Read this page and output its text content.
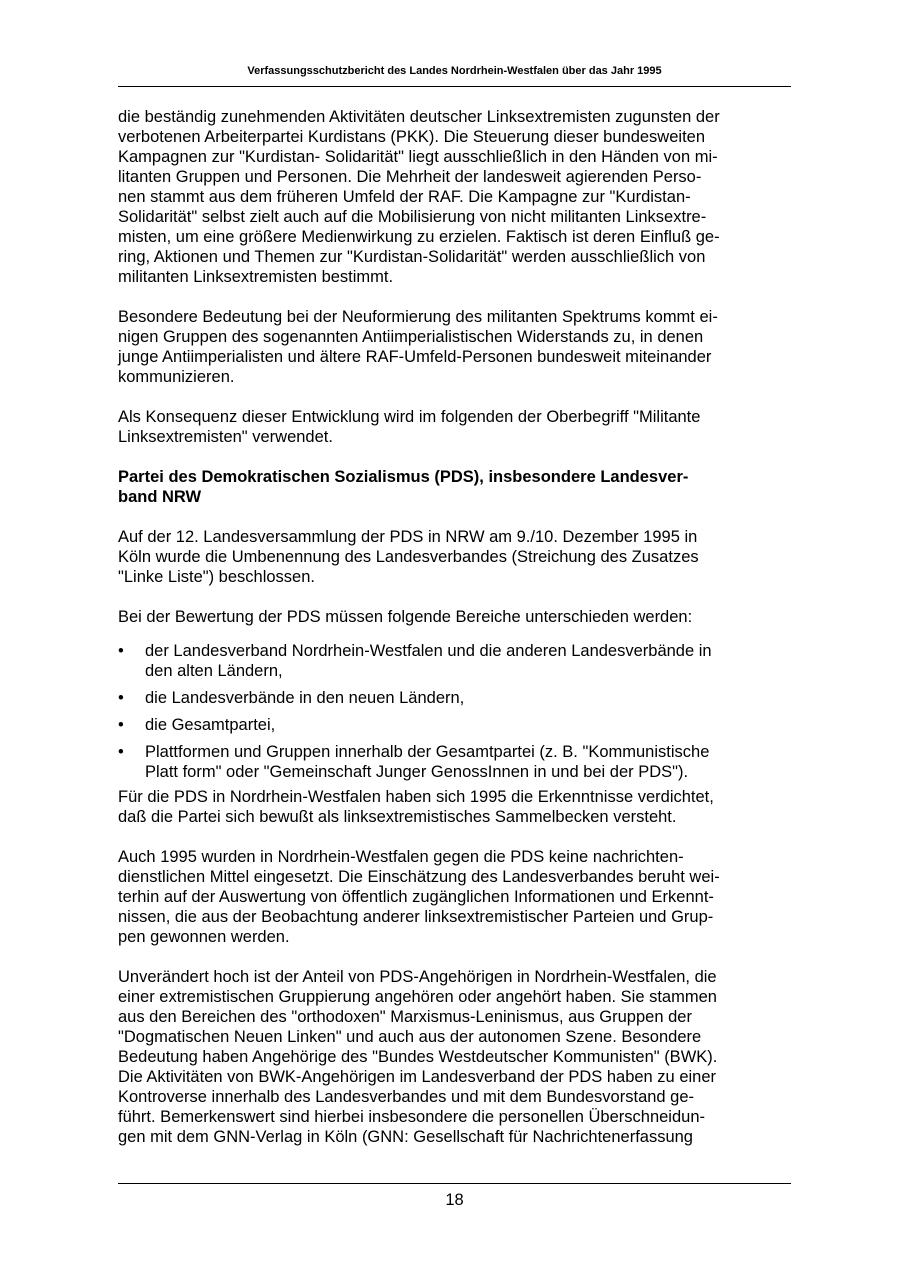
Verfassungsschutzbericht des Landes Nordrhein-Westfalen über das Jahr 1995

die beständig zunehmenden Aktivitäten deutscher Linksextremisten zugunsten der
verbotenen Arbeiterpartei Kurdistans (PKK). Die Steuerung dieser bundesweiten
Kampagnen zur "Kurdistan- Solidarität" liegt ausschließlich in den Händen von mi-
litanten Gruppen und Personen. Die Mehrheit der landesweit agierenden Perso-
nen stammt aus dem früheren Umfeld der RAF. Die Kampagne zur "Kurdistan-
Solidarität" selbst zielt auch auf die Mobilisierung von nicht militanten Linksextre-
misten, um eine größere Medienwirkung zu erzielen. Faktisch ist deren Einfluß ge-
ring, Aktionen und Themen zur "Kurdistan-Solidarität" werden ausschließlich von
militanten Linksextremisten bestimmt.

Besondere Bedeutung bei der Neuformierung des militanten Spektrums kommt ei-
nigen Gruppen des sogenannten Antiimperialistischen Widerstands zu, in denen
junge Antiimperialisten und ältere RAF-Umfeld-Personen bundesweit miteinander
kommunizieren.

Als Konsequenz dieser Entwicklung wird im folgenden der Oberbegriff "Militante
Linksextremisten" verwendet.

Partei des Demokratischen Sozialismus (PDS), insbesondere Landesver-
band NRW

Auf der 12. Landesversammlung der PDS in NRW am 9./10. Dezember 1995 in
Köln wurde die Umbenennung des Landesverbandes (Streichung des Zusatzes
"Linke Liste") beschlossen.

Bei der Bewertung der PDS müssen folgende Bereiche unterschieden werden:

• der Landesverband Nordrhein-Westfalen und die anderen Landesverbände in
den alten Ländern,
• die Landesverbände in den neuen Ländern,
• die Gesamtpartei,
• Plattformen und Gruppen innerhalb der Gesamtpartei (z. B. "Kommunistische
Platt form" oder "Gemeinschaft Junger GenossInnen in und bei der PDS").

Für die PDS in Nordrhein-Westfalen haben sich 1995 die Erkenntnisse verdichtet,
daß die Partei sich bewußt als linksextremistisches Sammelbecken versteht.

Auch 1995 wurden in Nordrhein-Westfalen gegen die PDS keine nachrichten-
dienstlichen Mittel eingesetzt. Die Einschätzung des Landesverbandes beruht wei-
terhin auf der Auswertung von öffentlich zugänglichen Informationen und Erkennt-
nissen, die aus der Beobachtung anderer linksextremistischer Parteien und Grup-
pen gewonnen werden.

Unverändert hoch ist der Anteil von PDS-Angehörigen in Nordrhein-Westfalen, die
einer extremistischen Gruppierung angehören oder angehört haben. Sie stammen
aus den Bereichen des "orthodoxen" Marxismus-Leninismus, aus Gruppen der
"Dogmatischen Neuen Linken" und auch aus der autonomen Szene. Besondere
Bedeutung haben Angehörige des "Bundes Westdeutscher Kommunisten" (BWK).
Die Aktivitäten von BWK-Angehörigen im Landesverband der PDS haben zu einer
Kontroverse innerhalb des Landesverbandes und mit dem Bundesvorstand ge-
führt. Bemerkenswert sind hierbei insbesondere die personellen Überschneidun-
gen mit dem GNN-Verlag in Köln (GNN: Gesellschaft für Nachrichtenerfassung

18
